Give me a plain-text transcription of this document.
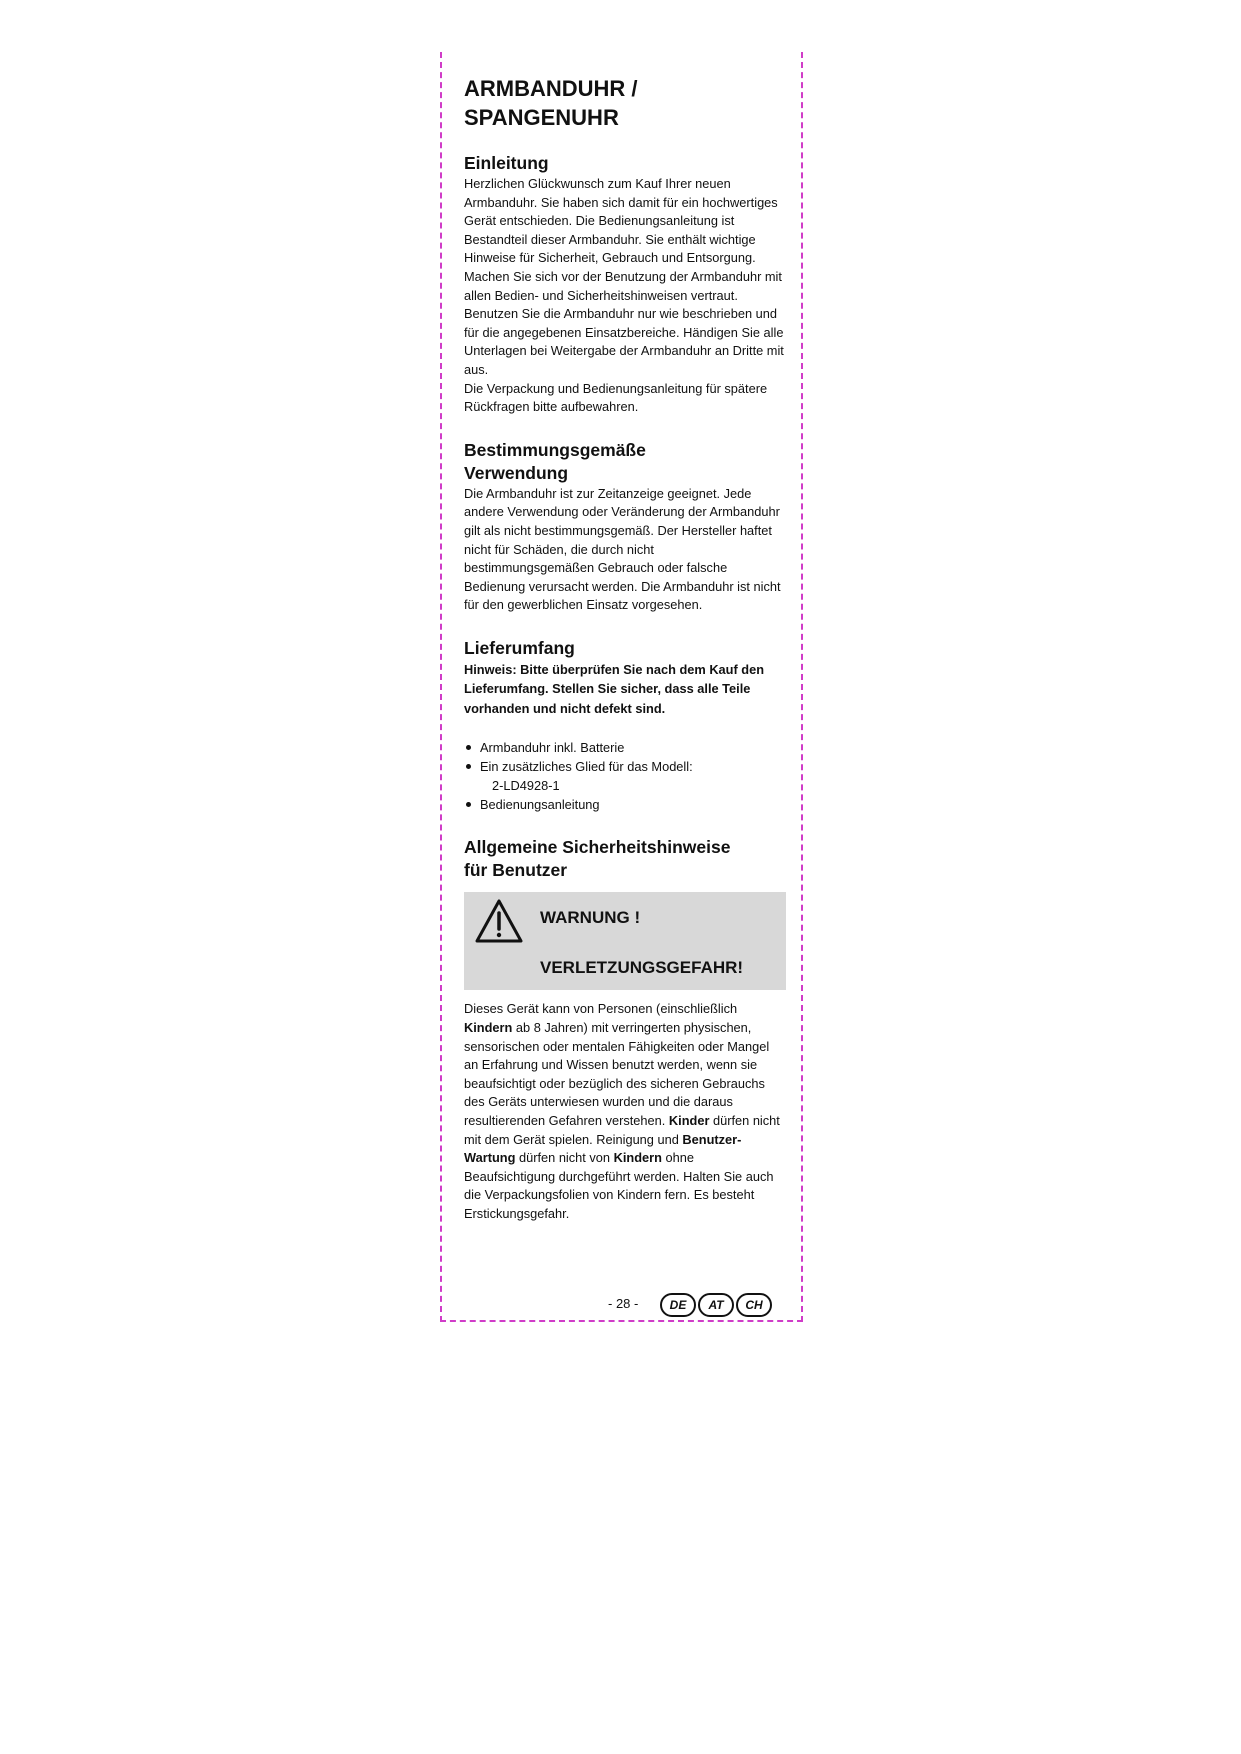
ARMBANDUHR /
SPANGENUHR
Einleitung

Herzlichen Glückwunsch zum Kauf Ihrer neuen Armbanduhr. Sie haben sich damit für ein hochwertiges Gerät entschieden. Die Bedienungsanleitung ist Bestandteil dieser Armbanduhr. Sie enthält wichtige Hinweise für Sicherheit, Gebrauch und Entsorgung. Machen Sie sich vor der Benutzung der Armbanduhr mit allen Bedien- und Sicherheitshinweisen vertraut. Benutzen Sie die Armbanduhr nur wie beschrieben und für die angegebenen Einsatzbereiche. Händigen Sie alle Unterlagen bei Weitergabe der Armbanduhr an Dritte mit aus.

Die Verpackung und Bedienungsanleitung für spätere Rückfragen bitte aufbewahren.

Bestimmungsgemäße
Verwendung

Die Armbanduhr ist zur Zeitanzeige geeignet. Jede andere Verwendung oder Veränderung der Armbanduhr gilt als nicht bestimmungsgemäß. Der Hersteller haftet nicht für Schäden, die durch nicht bestimmungsgemäßen Gebrauch oder falsche Bedienung verursacht werden. Die Armbanduhr ist nicht für den gewerblichen Einsatz vorgesehen.

Lieferumfang

Hinweis: Bitte überprüfen Sie nach dem Kauf den Lieferumfang. Stellen Sie sicher, dass alle Teile vorhanden und nicht defekt sind.

Armbanduhr inkl. Batterie
Ein zusätzliches Glied für das Modell:
2-LD4928-1
Bedienungsanleitung
Allgemeine Sicherheitshinweise
für Benutzer
WARNUNG !
VERLETZUNGSGEFAHR!

Dieses Gerät kann von Personen (einschließlich Kindern ab 8 Jahren) mit verringerten physischen, sensorischen oder mentalen Fähigkeiten oder Mangel an Erfahrung und Wissen benutzt werden, wenn sie beaufsichtigt oder bezüglich des sicheren Gebrauchs des Geräts unterwiesen wurden und die daraus resultierenden Gefahren verstehen. Kinder dürfen nicht mit dem Gerät spielen. Reinigung und Benutzer-Wartung dürfen nicht von Kindern ohne Beaufsichtigung durchgeführt werden. Halten Sie auch die Verpackungsfolien von Kindern fern. Es besteht Erstickungsgefahr.

- 28 -	DE	AT	CH
